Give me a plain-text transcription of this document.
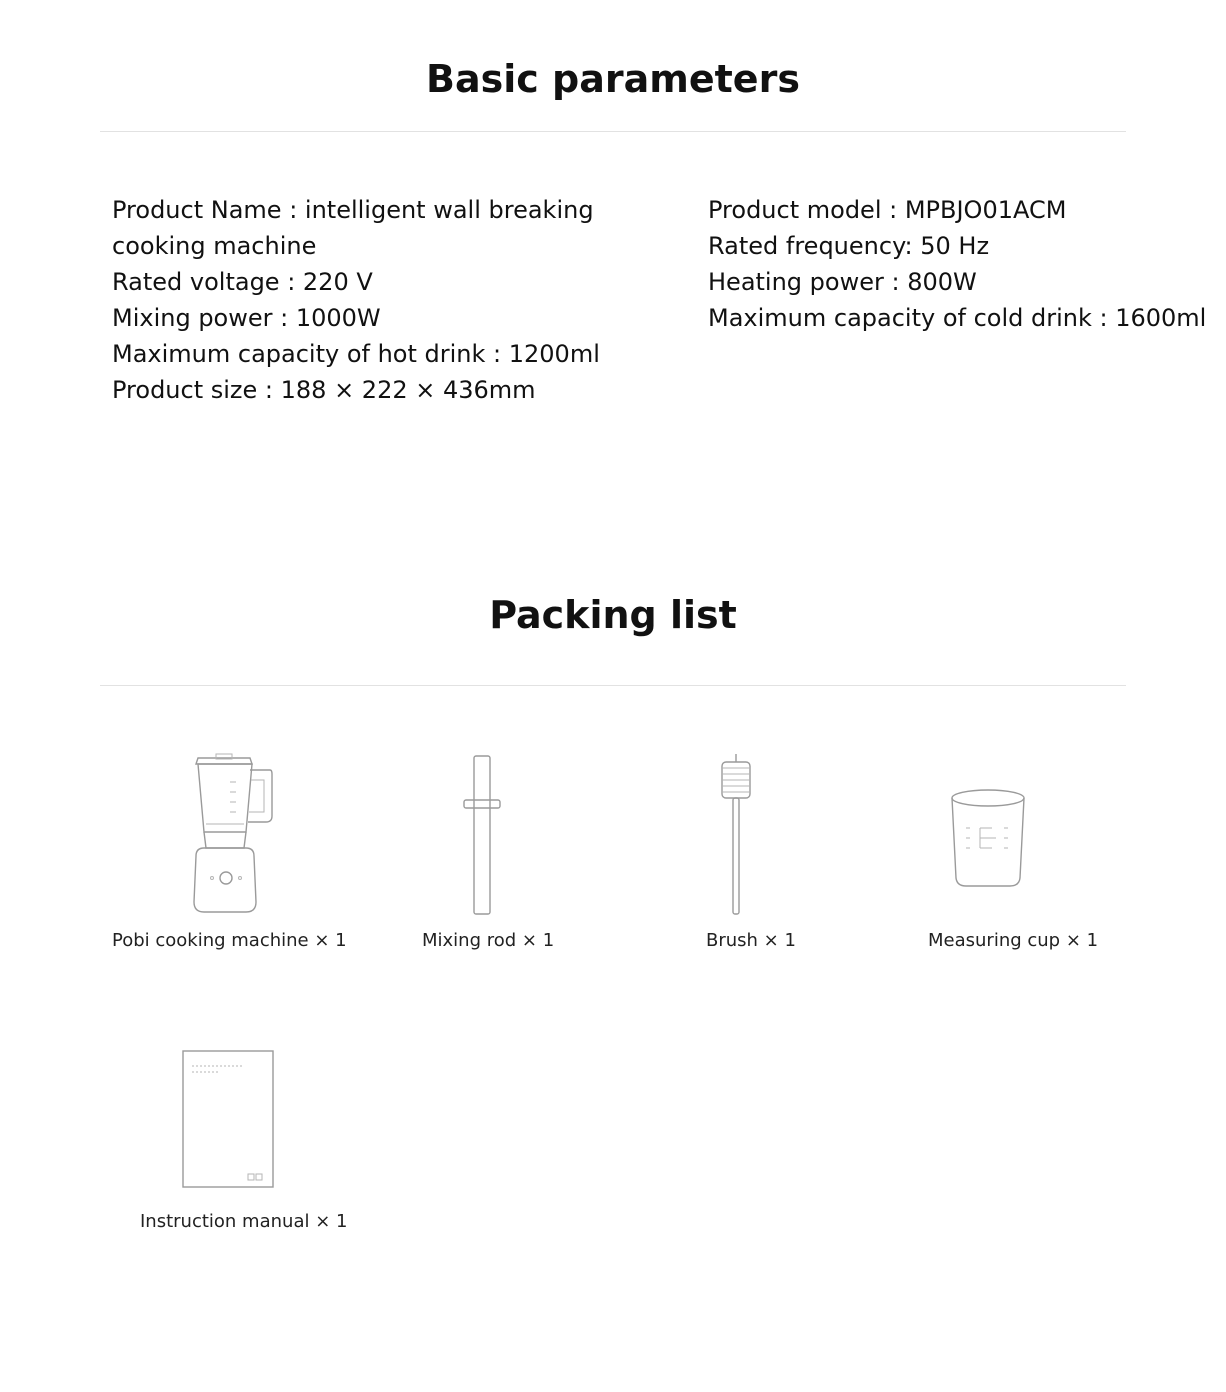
Basic parameters

Product Name : intelligent wall breaking

cooking machine

Rated voltage : 220 V

Mixing power : 1000W

Maximum capacity of hot drink : 1200ml

Product size : 188 × 222 × 436mm

Product model : MPBJO01ACM

Rated frequency: 50 Hz

Heating power : 800W

Maximum capacity of cold drink : 1600ml

Packing list
Pobi cooking machine × 1	Mixing rod × 1	Brush × 1	Measuring cup × 1
Instruction manual × 1
